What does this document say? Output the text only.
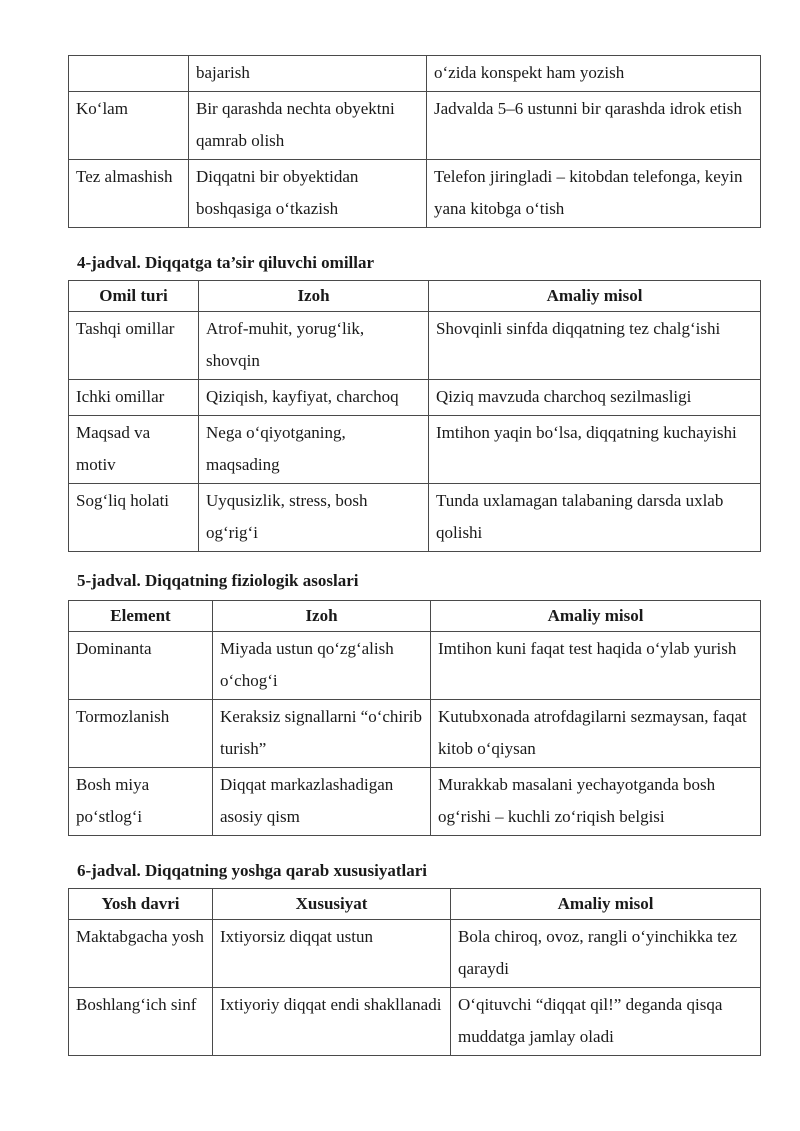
	bajarish	o‘zida konspekt ham yozish
Ko‘lam	Bir qarashda nechta obyektni qamrab olish	Jadvalda 5–6 ustunni bir qarashda idrok etish
Tez almashish	Diqqatni bir obyektidan boshqasiga o‘tkazish	Telefon jiringladi – kitobdan telefonga, keyin yana kitobga o‘tish
4-jadval. Diqqatga ta’sir qiluvchi omillar
Omil turi	Izoh	Amaliy misol
Tashqi omillar	Atrof-muhit, yorug‘lik, shovqin	Shovqinli sinfda diqqatning tez chalg‘ishi
Ichki omillar	Qiziqish, kayfiyat, charchoq	Qiziq mavzuda charchoq sezilmasligi
Maqsad va motiv	Nega o‘qiyotganing, maqsading	Imtihon yaqin bo‘lsa, diqqatning kuchayishi
Sog‘liq holati	Uyqusizlik, stress, bosh og‘rig‘i	Tunda uxlamagan talabaning darsda uxlab qolishi
5-jadval. Diqqatning fiziologik asoslari
Element	Izoh	Amaliy misol
Dominanta	Miyada ustun qo‘zg‘alish o‘chog‘i	Imtihon kuni faqat test haqida o‘ylab yurish
Tormozlanish	Keraksiz signallarni “o‘chirib turish”	Kutubxonada atrofdagilarni sezmaysan, faqat kitob o‘qiysan
Bosh miya po‘stlog‘i	Diqqat markazlashadigan asosiy qism	Murakkab masalani yechayotganda bosh og‘rishi – kuchli zo‘riqish belgisi
6-jadval. Diqqatning yoshga qarab xususiyatlari
Yosh davri	Xususiyat	Amaliy misol
Maktabgacha yosh	Ixtiyorsiz diqqat ustun	Bola chiroq, ovoz, rangli o‘yinchikka tez qaraydi
Boshlang‘ich sinf	Ixtiyoriy diqqat endi shakllanadi	O‘qituvchi “diqqat qil!” deganda qisqa muddatga jamlay oladi
